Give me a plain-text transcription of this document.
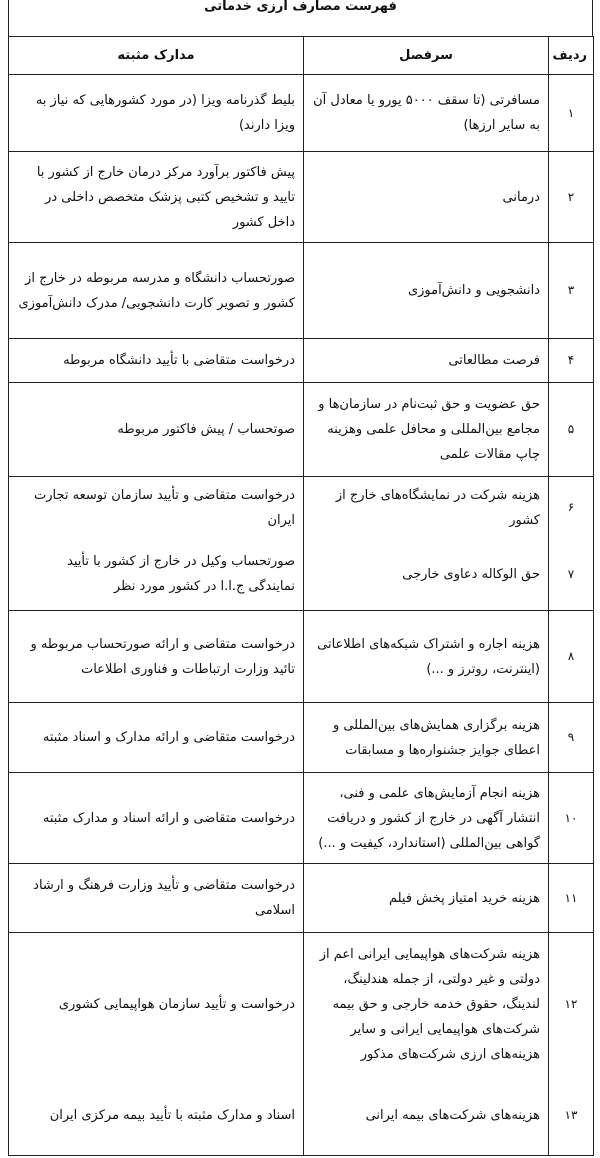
فهرست مصارف ارزی خدماتی
ردیف	سرفصل	مدارک مثبته
۱	مسافرتی (تا سقف ۵۰۰۰ یورو یا معادل آن به سایر ارزها)	بلیط گذرنامه ویزا (در مورد کشورهایی که نیاز به ویزا دارند)
۲	درمانی	پیش فاکتور برآورد مرکز درمان خارج از کشور با تایید و تشخیص کتبی پزشک متخصص داخلی در داخل کشور
۳	دانشجویی و دانش‌آموزی	صورتحساب دانشگاه و مدرسه مربوطه در خارج از کشور و تصویر کارت دانشجویی/ مدرک دانش‌آموزی
۴	فرصت مطالعاتی	درخواست متقاضی با تأیید دانشگاه مربوطه
۵	حق عضویت و حق ثبت‌نام در سازمان‌ها و مجامع بین‌المللی و محافل علمی وهزینه چاپ مقالات علمی	صوتحساب / پیش فاکتور مربوطه
۶	هزینه شرکت در نمایشگاه‌های خارج از کشور	درخواست متقاضی و تأیید سازمان توسعه تجارت ایران
۷	حق الوکاله دعاوی خارجی	صورتحساب وکیل در خارج از کشور با تأیید نمایندگی ج.ا.ا در کشور مورد نظر
۸	هزینه اجاره و اشتراک شبکه‌های اطلاعاتی (اینترنت، روترز و ...)	درخواست متقاضی و ارائه صورتحساب مربوطه و تائید وزارت ارتباطات و فناوری اطلاعات
۹	هزینه برگزاری همایش‌های بین‌المللی و اعطای جوایز جشنواره‌ها و مسابقات	درخواست متقاضی و ارائه مدارک و اسناد مثبته
۱۰	هزینه انجام آزمایش‌های علمی و فنی، انتشار آگهی در خارج از کشور و دریافت گواهی بین‌المللی (استاندارد، کیفیت و ...)	درخواست متقاضی و ارائه اسناد و مدارک مثبته
۱۱	هزینه خرید امتیاز پخش فیلم	درخواست متقاضی و تأیید وزارت فرهنگ و ارشاد اسلامی
۱۲	هزینه شرکت‌های هواپیمایی ایرانی اعم از دولتی و غیر دولتی، از جمله هندلینگ، لندینگ، حقوق خدمه خارجی و حق بیمه شرکت‌های هواپیمایی ایرانی و سایر هزینه‌های ارزی شرکت‌های مذکور	درخواست و تأیید سازمان هواپیمایی کشوری
۱۳	هزینه‌های شرکت‌های بیمه ایرانی	اسناد و مدارک مثبته با تأیید بیمه مرکزی ایران
